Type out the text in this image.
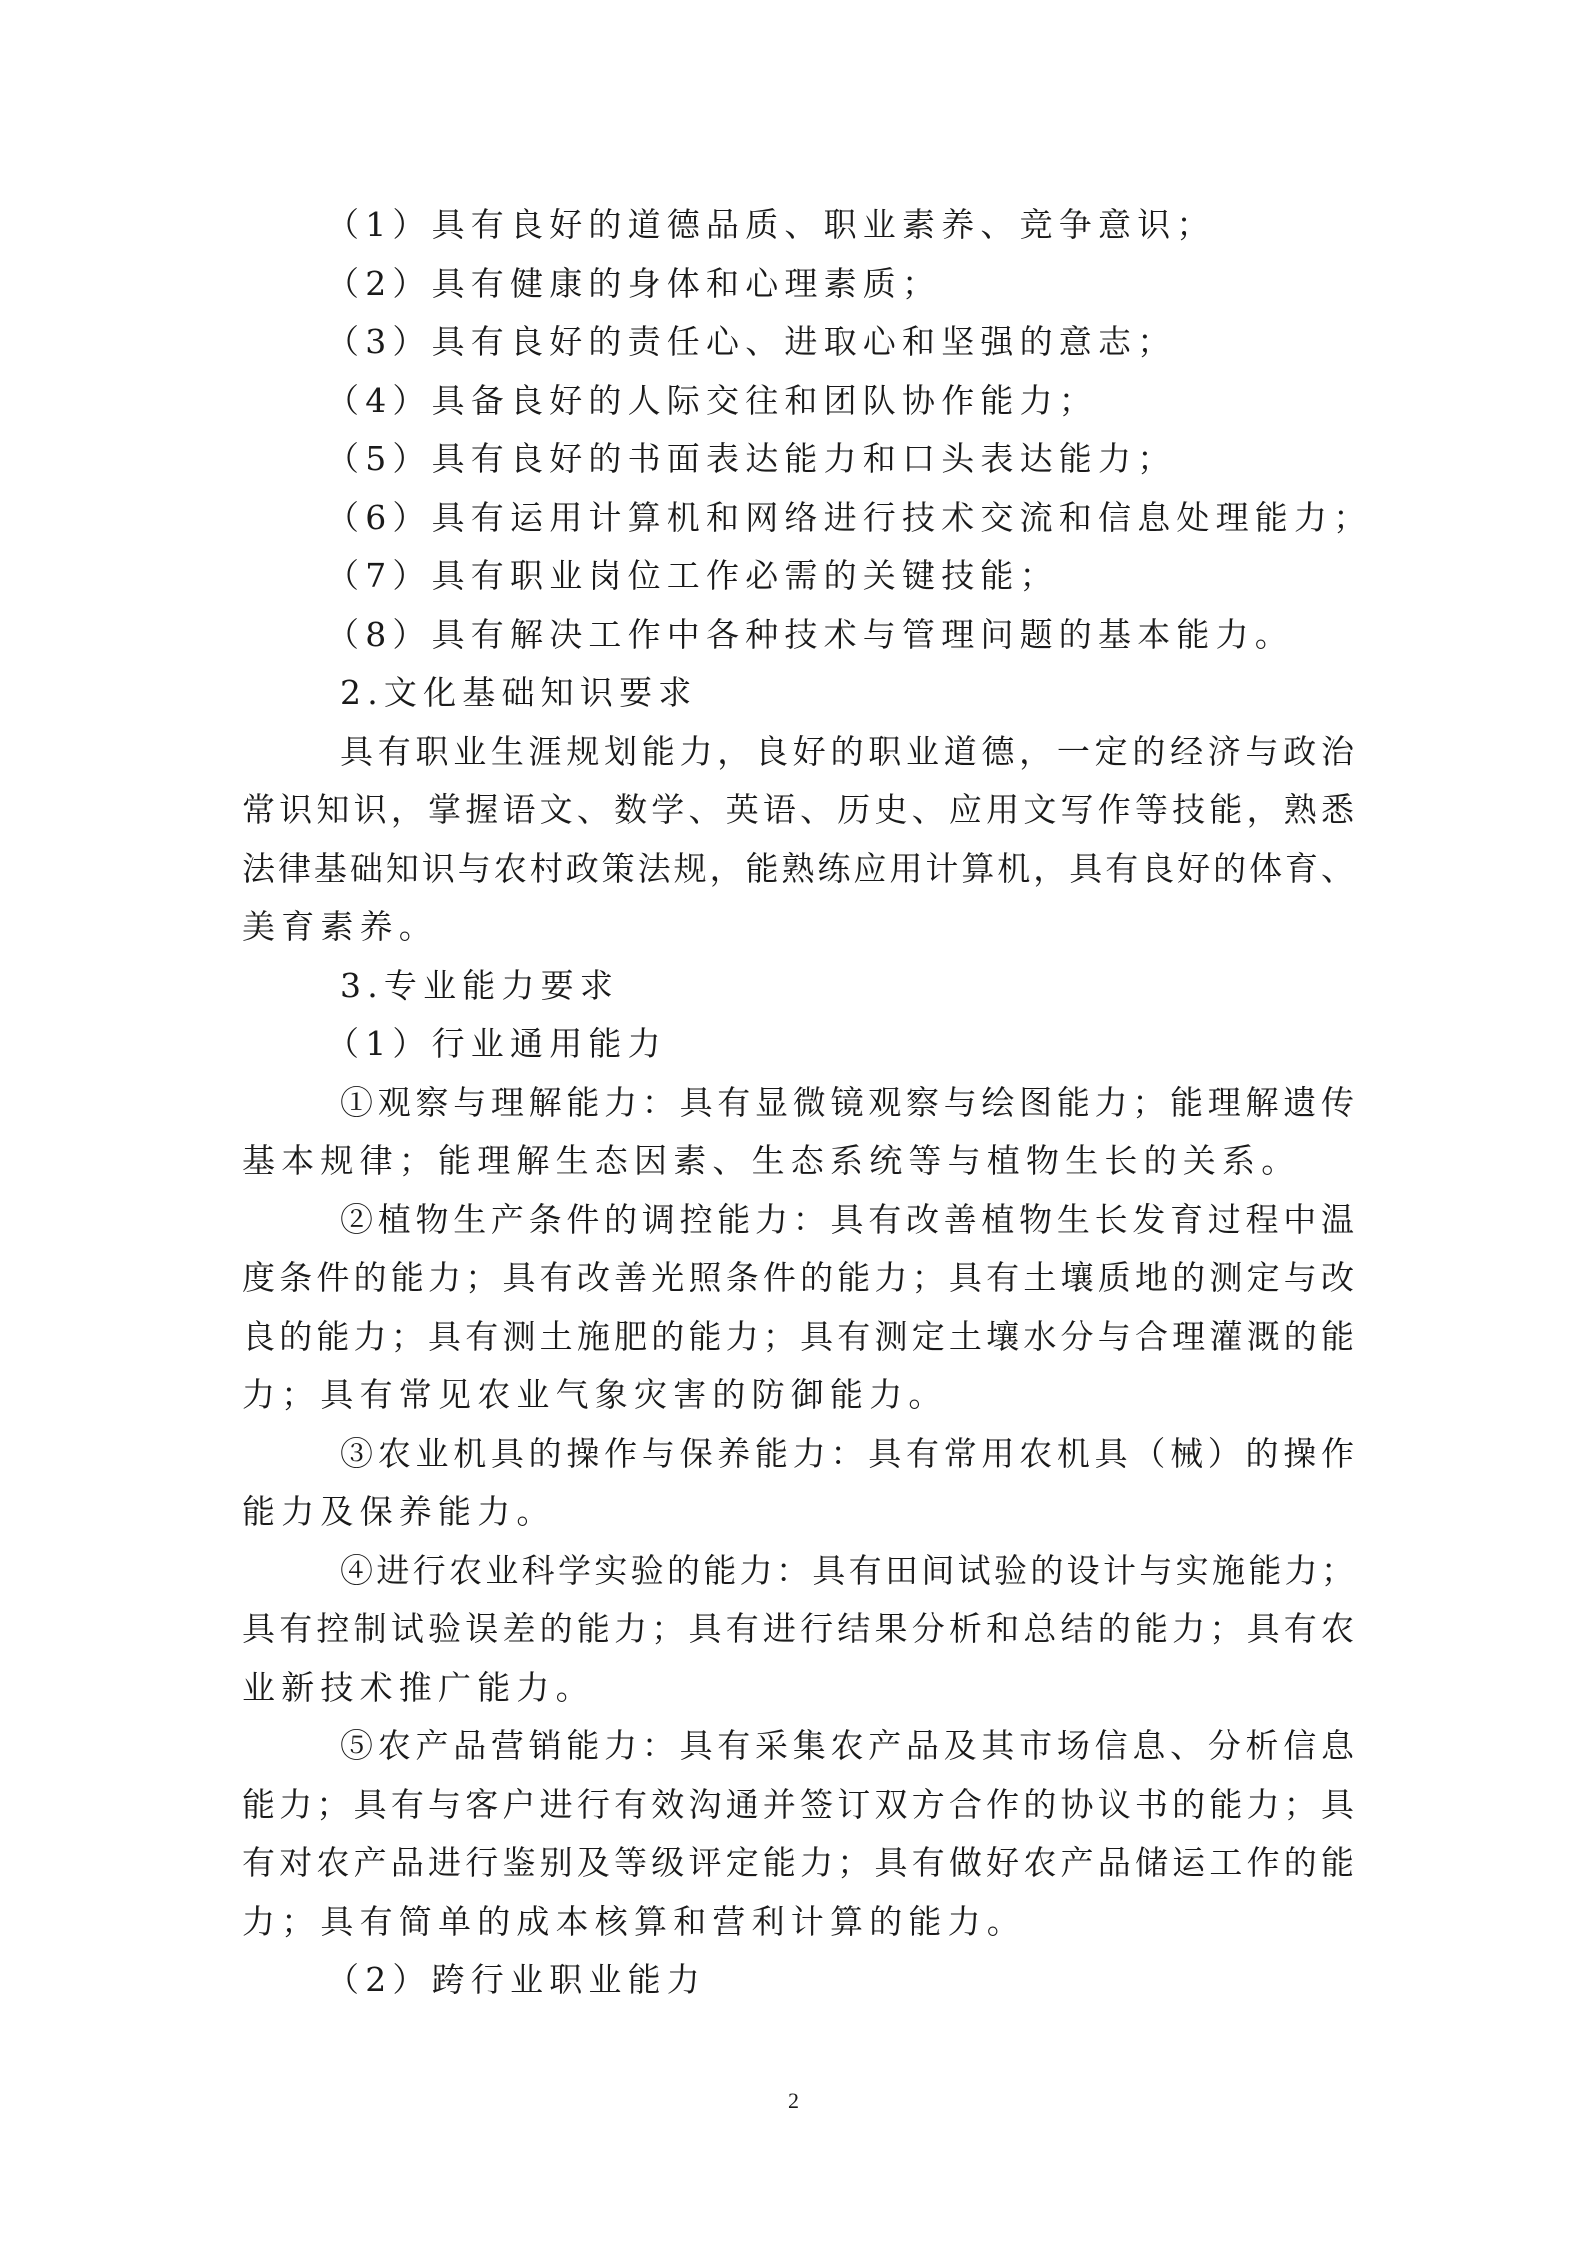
（1）具有良好的道德品质、职业素养、竞争意识；
（2）具有健康的身体和心理素质；
（3）具有良好的责任心、进取心和坚强的意志；
（4）具备良好的人际交往和团队协作能力；
（5）具有良好的书面表达能力和口头表达能力；
（6）具有运用计算机和网络进行技术交流和信息处理能力；
（7）具有职业岗位工作必需的关键技能；
（8）具有解决工作中各种技术与管理问题的基本能力。
2.文化基础知识要求
具有职业生涯规划能力，良好的职业道德，一定的经济与政治
常识知识，掌握语文、数学、英语、历史、应用文写作等技能，熟悉
法律基础知识与农村政策法规，能熟练应用计算机，具有良好的体育、
美育素养。
3.专业能力要求
（1）行业通用能力
①观察与理解能力：具有显微镜观察与绘图能力；能理解遗传
基本规律；能理解生态因素、生态系统等与植物生长的关系。
②植物生产条件的调控能力：具有改善植物生长发育过程中温
度条件的能力；具有改善光照条件的能力；具有土壤质地的测定与改
良的能力；具有测土施肥的能力；具有测定土壤水分与合理灌溉的能
力；具有常见农业气象灾害的防御能力。
③农业机具的操作与保养能力：具有常用农机具（械）的操作
能力及保养能力。
④进行农业科学实验的能力：具有田间试验的设计与实施能力；
具有控制试验误差的能力；具有进行结果分析和总结的能力；具有农
业新技术推广能力。
⑤农产品营销能力：具有采集农产品及其市场信息、分析信息
能力；具有与客户进行有效沟通并签订双方合作的协议书的能力；具
有对农产品进行鉴别及等级评定能力；具有做好农产品储运工作的能
力；具有简单的成本核算和营利计算的能力。
（2）跨行业职业能力
2
